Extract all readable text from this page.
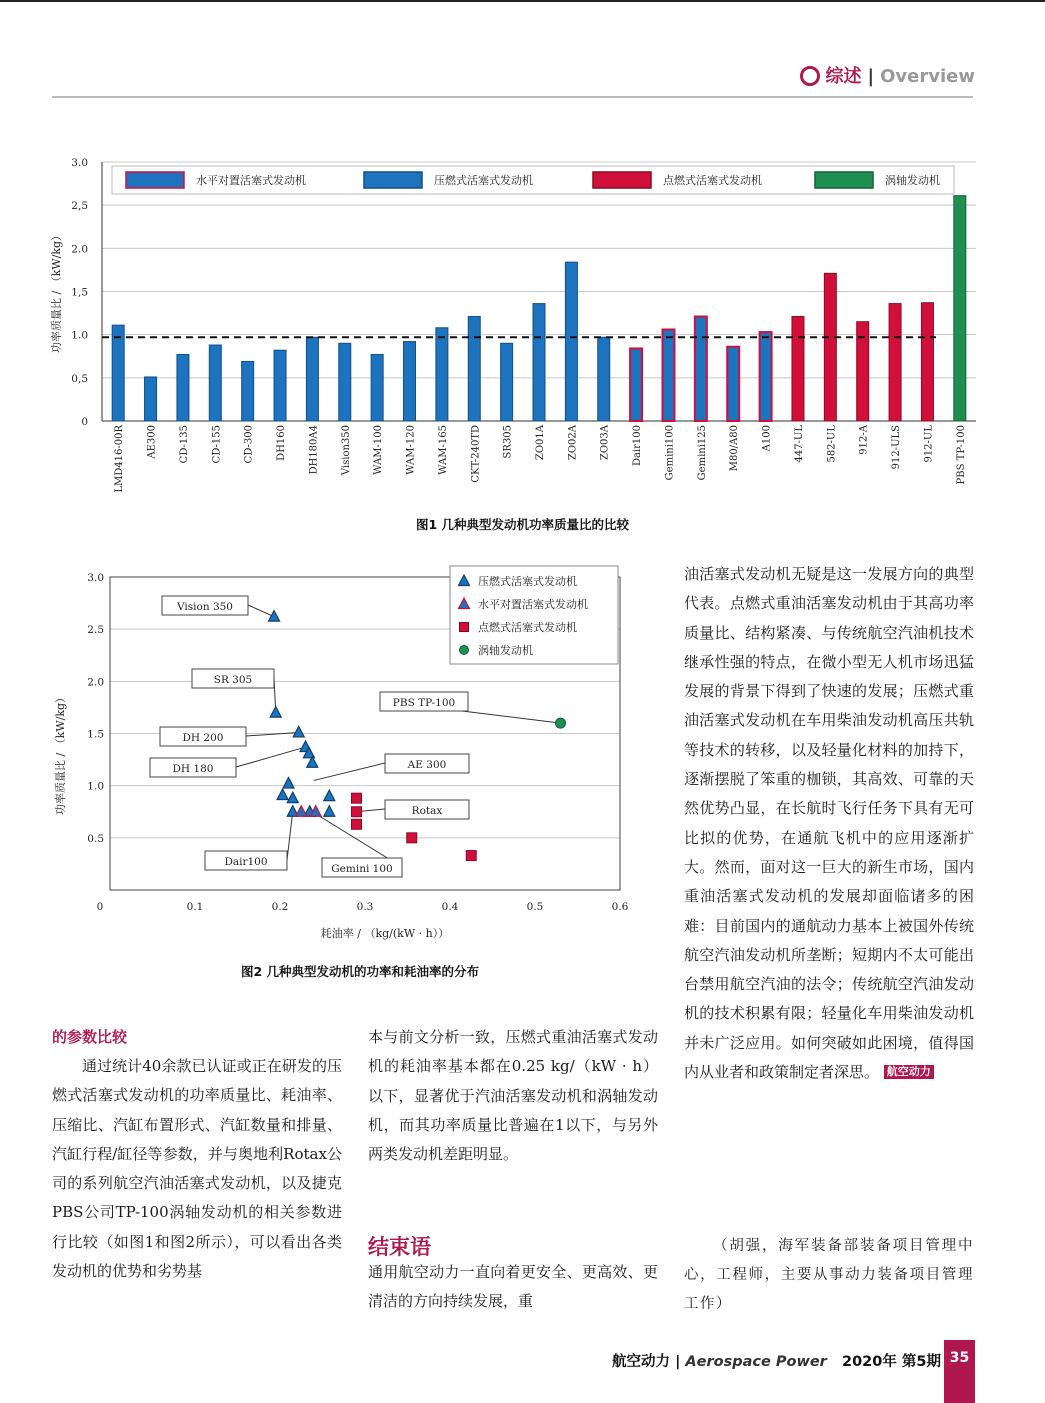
综述 | Overview
0
0,5
1.0
1,5
2.0
2,5
3.0
功率质量比 / （kW/kg）
LMD416-00R AE300 CD-135 CD-155 CD-300 DH160 DH180A4 Vision350 WAM-100 WAM-120 WAM-165 CKT-240TD SR305 ZO01A ZO02A ZO03A Dair100 Gemini100 Gemini125 M80/A80 A100 447-UL 582-UL 912-A 912-ULS 912-UL PBS TP-100
水平对置活塞式发动机	压燃式活塞式发动机	点燃式活塞式发动机	涡轴发动机
图1 几种典型发动机功率质量比的比较
0.5
1.0
1.5
2.0
2.5
3.0
0	0.1	0.2	0.3	0.4	0.5	0.6
耗油率 / （kg/(kW · h））
功率质量比 / （kW/kg）
Vision 350
SR 305
PBS TP-100
DH 200
DH 180	AE 300
Rotax
Dair100
Gemini 100
压燃式活塞式发动机
水平对置活塞式发动机
点燃式活塞式发动机
涡轴发动机
图2 几种典型发动机的功率和耗油率的分布
的参数比较
通过统计40余款已认证或正在研发的压燃式活塞式发动机的功率质量比、耗油率、压缩比、汽缸布置形式、汽缸数量和排量、汽缸行程/缸径等参数，并与奥地利Rotax公司的系列航空汽油活塞式发动机，以及捷克PBS公司TP-100涡轴发动机的相关参数进行比较（如图1和图2所示），可以看出各类发动机的优势和劣势基
本与前文分析一致，压燃式重油活塞式发动机的耗油率基本都在0.25 kg/（kW · h）以下，显著优于汽油活塞发动机和涡轴发动机，而其功率质量比普遍在1以下，与另外两类发动机差距明显。
结束语
通用航空动力一直向着更安全、更高效、更清洁的方向持续发展，重
油活塞式发动机无疑是这一发展方向的典型代表。点燃式重油活塞发动机由于其高功率质量比、结构紧凑、与传统航空汽油机技术继承性强的特点，在微小型无人机市场迅猛发展的背景下得到了快速的发展；压燃式重油活塞式发动机在车用柴油发动机高压共轨等技术的转移，以及轻量化材料的加持下，逐渐摆脱了笨重的枷锁，其高效、可靠的天然优势凸显，在长航时飞行任务下具有无可比拟的优势，在通航飞机中的应用逐渐扩大。然而，面对这一巨大的新生市场，国内重油活塞式发动机的发展却面临诸多的困难：目前国内的通航动力基本上被国外传统航空汽油发动机所垄断；短期内不太可能出台禁用航空汽油的法令；传统航空汽油发动机的技术积累有限；轻量化车用柴油发动机并未广泛应用。如何突破如此困境，值得国内从业者和政策制定者深思。 航空动力
（胡强，海军装备部装备项目管理中心，工程师，主要从事动力装备项目管理工作）
航空动力 | Aerospace Power 2020年 第5期 35
